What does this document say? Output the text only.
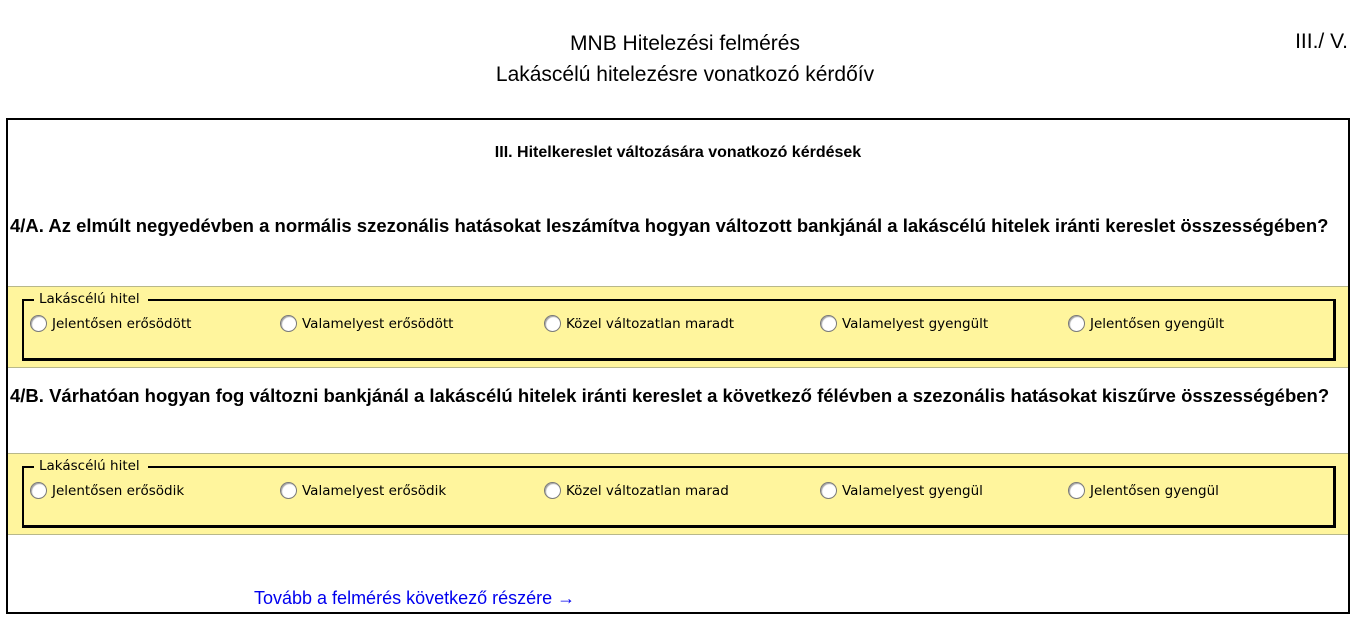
MNB Hitelezési felmérés
Lakáscélú hitelezésre vonatkozó kérdőív
III./ V.
III. Hitelkereslet változására vonatkozó kérdések
4/A. Az elmúlt negyedévben a normális szezonális hatásokat leszámítva hogyan változott bankjánál a lakáscélú hitelek iránti kereslet összességében?
Lakáscélú hitel
Jelentősen erősödött	Valamelyest erősödött	Közel változatlan maradt	Valamelyest gyengült	Jelentősen gyengült
4/B. Várhatóan hogyan fog változni bankjánál a lakáscélú hitelek iránti kereslet a következő félévben a szezonális hatásokat kiszűrve összességében?
Lakáscélú hitel
Jelentősen erősödik	Valamelyest erősödik	Közel változatlan marad	Valamelyest gyengül	Jelentősen gyengül
Tovább a felmérés következő részére →
